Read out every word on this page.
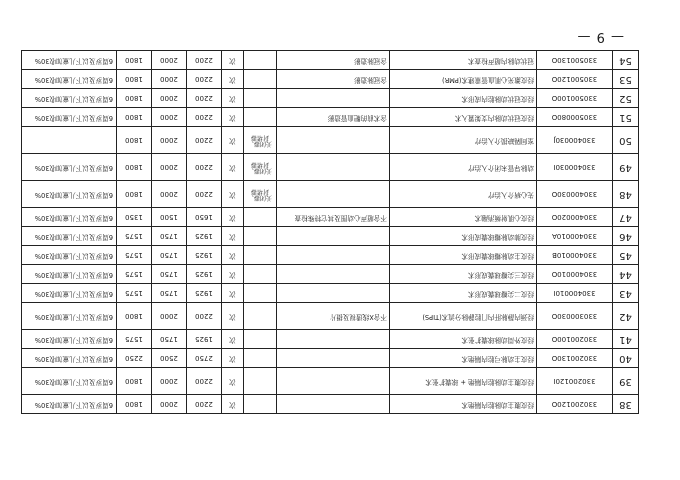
— 9 —
38	330200120O	经皮腹主动脉腔内隔绝术			次	2200	2000	1800	6周岁及以下儿童加收30%
39	330200120I	经皮腹主动脉腔内隔绝 + 球囊扩张术			次	2200	2000	1800	6周岁及以下儿童加收30%
40	330200130O	经皮主动脉弓腔内隔绝术			次	2750	2500	2250	6周岁及以下儿童加收30%
41	330200100O	经皮外周动脉球囊扩张术			次	1925	1750	1575	6周岁及以下儿童加收30%
42	330300030O	经颈内静脉肝内门腔静脉分流术(TIPS)	不含X线透视及摄片		次	2200	2000	1800	6周岁及以下儿童加收30%
43	330400010I	经皮二尖瓣球囊成形术			次	1925	1750	1575	6周岁及以下儿童加收30%
44	330400010O	经皮三尖瓣球囊成形术			次	1925	1750	1575	6周岁及以下儿童加收30%
45	330400010B	经皮主动脉瓣球囊成形术			次	1925	1750	1575	6周岁及以下儿童加收30%
46	330400010A	经皮肺动脉瓣球囊成形术			次	1925	1750	1575	6周岁及以下儿童加收30%
47	330400020O	经皮心肌射频消融术	不含超声心动图及其它特殊检查		次	1650	1500	1350	6周岁及以下儿童加收30%
48	330400030O	先心病介入治疗		关闭器、封堵器	次	2200	2000	1800	6周岁及以下儿童加收30%
49	330400030I	动脉导管未闭介入治疗		关闭器、封堵器	次	2200	2000	1800	6周岁及以下儿童加收30%
50	330400030J	室间隔缺损介入治疗		关闭器、封堵器	次	2200	2000	1800	
51	330500080O	经皮冠状动脉内支架置入术	含术前的靶血管造影		次	2200	2000	1800	6周岁及以下儿童加收30%
52	330500100O	经皮冠状动脉腔内成形术			次	2200	2000	1800	6周岁及以下儿童加收30%
53	330500120O	经皮激光心肌血管重建术(PMR)	含冠脉造影		次	2200	2000	1800	6周岁及以下儿童加收30%
54	330500130O	冠状动脉内超声检查术	含冠脉造影		次	2200	2000	1800	6周岁及以下儿童加收30%
